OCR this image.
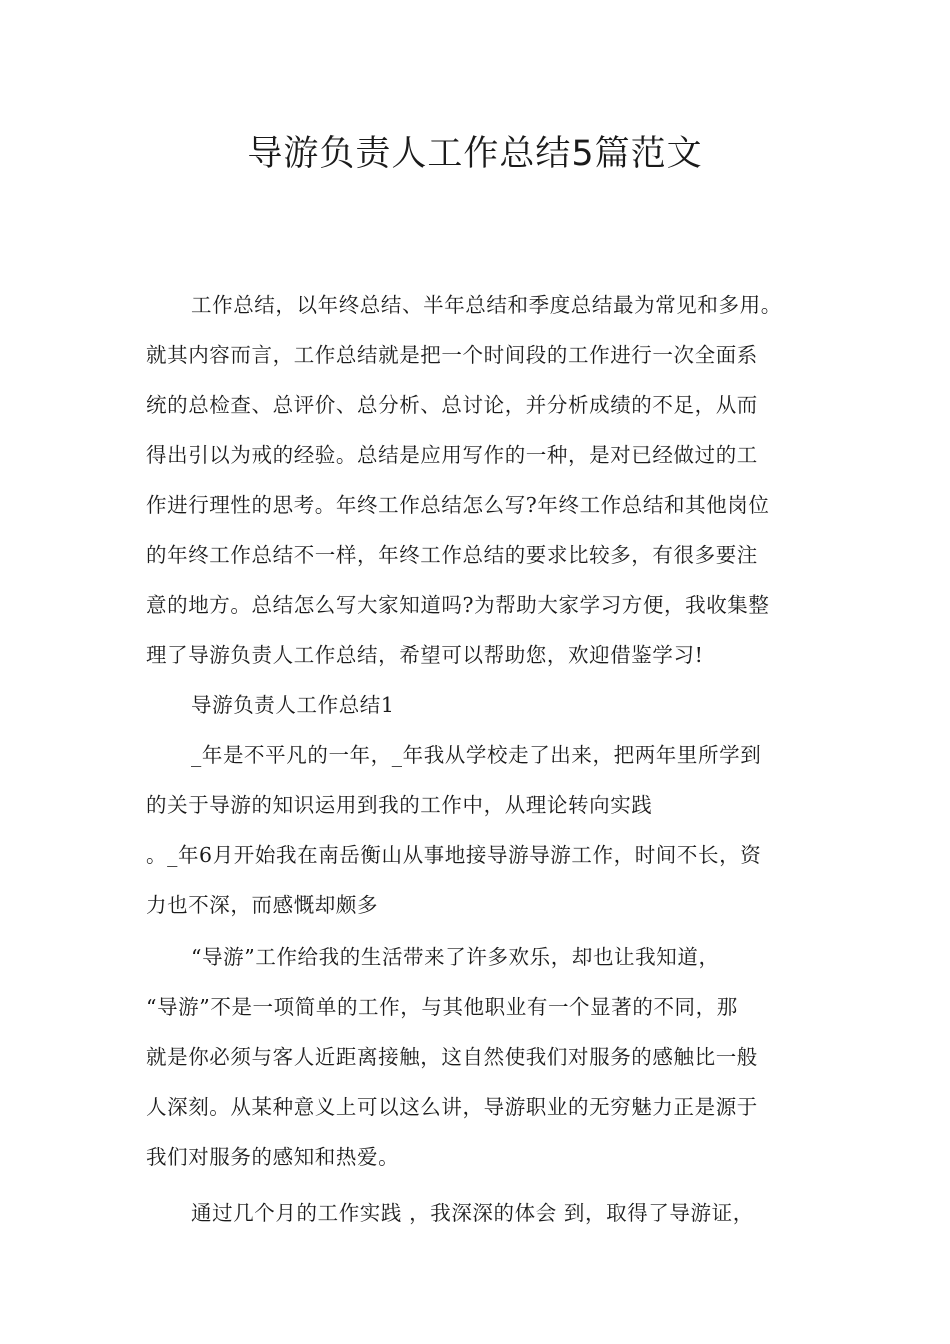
导游负责人工作总结5篇范文
工作总结，以年终总结、半年总结和季度总结最为常见和多用。
就其内容而言，工作总结就是把一个时间段的工作进行一次全面系
统的总检查、总评价、总分析、总讨论，并分析成绩的不足，从而
得出引以为戒的经验。总结是应用写作的一种，是对已经做过的工
作进行理性的思考。年终工作总结怎么写?年终工作总结和其他岗位
的年终工作总结不一样，年终工作总结的要求比较多，有很多要注
意的地方。总结怎么写大家知道吗?为帮助大家学习方便，我收集整
理了导游负责人工作总结，希望可以帮助您，欢迎借鉴学习!
导游负责人工作总结1
_年是不平凡的一年，_年我从学校走了出来，把两年里所学到
的关于导游的知识运用到我的工作中，从理论转向实践
。_年6月开始我在南岳衡山从事地接导游导游工作，时间不长，资
力也不深，而感慨却颇多
“导游”工作给我的生活带来了许多欢乐，却也让我知道，
“导游”不是一项简单的工作，与其他职业有一个显著的不同，那
就是你必须与客人近距离接触，这自然使我们对服务的感触比一般
人深刻。从某种意义上可以这么讲，导游职业的无穷魅力正是源于
我们对服务的感知和热爱。
通过几个月的工作实践 ，我深深的体会 到，取得了导游证，
